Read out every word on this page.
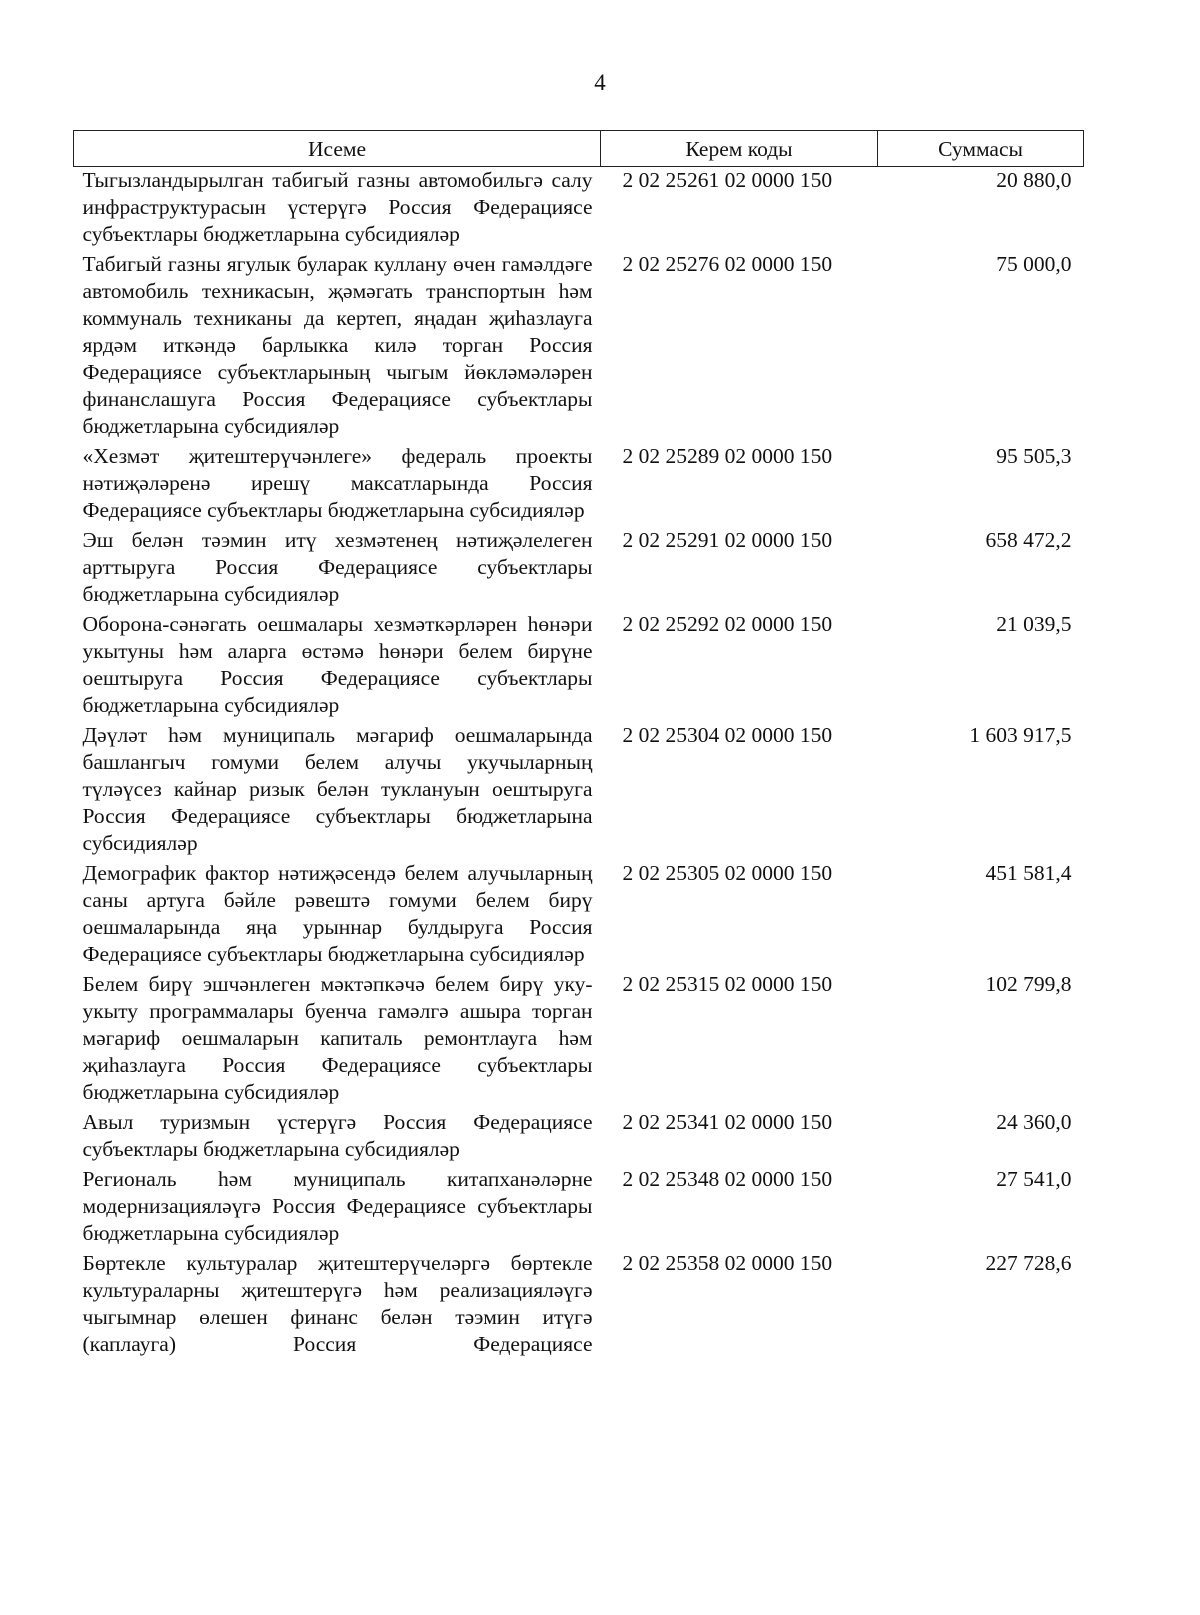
4
Исеме	Керем коды	Суммасы
Тыгызландырылган табигый газны автомобильгә салу инфраструктурасын үстерүгә Россия Федерациясе субъектлары бюджетларына субсидияләр	2 02 25261 02 0000 150	20 880,0
Табигый газны ягулык буларак куллану өчен гамәлдәге автомобиль техникасын, җәмәгать транспортын һәм коммуналь техниканы да кертеп, яңадан җиһазлауга ярдәм иткәндә барлыкка килә торган Россия Федерациясе субъектларының чыгым йөкләмәләрен финанслашуга Россия Федерациясе субъектлары бюджетларына субсидияләр	2 02 25276 02 0000 150	75 000,0
«Хезмәт җитештерүчәнлеге» федераль проекты нәтиҗәләренә ирешү максатларында Россия Федерациясе субъектлары бюджетларына субсидияләр	2 02 25289 02 0000 150	95 505,3
Эш белән тәэмин итү хезмәтенең нәтиҗәлелеген арттыруга Россия Федерациясе субъектлары бюджетларына субсидияләр	2 02 25291 02 0000 150	658 472,2
Оборона-сәнәгать оешмалары хезмәткәрләрен һөнәри укытуны һәм аларга өстәмә һөнәри белем бирүне оештыруга Россия Федерациясе субъектлары бюджетларына субсидияләр	2 02 25292 02 0000 150	21 039,5
Дәүләт һәм муниципаль мәгариф оешмаларында башлангыч гомуми белем алучы укучыларның түләүсез кайнар ризык белән туклануын оештыруга Россия Федерациясе субъектлары бюджетларына субсидияләр	2 02 25304 02 0000 150	1 603 917,5
Демографик фактор нәтиҗәсендә белем алучыларның саны артуга бәйле рәвештә гомуми белем бирү оешмаларында яңа урыннар булдыруга Россия Федерациясе субъектлары бюджетларына субсидияләр	2 02 25305 02 0000 150	451 581,4
Белем бирү эшчәнлеген мәктәпкәчә белем бирү уку-укыту программалары буенча гамәлгә ашыра торган мәгариф оешмаларын капиталь ремонтлауга һәм җиһазлауга Россия Федерациясе субъектлары бюджетларына субсидияләр	2 02 25315 02 0000 150	102 799,8
Авыл туризмын үстерүгә Россия Федерациясе субъектлары бюджетларына субсидияләр	2 02 25341 02 0000 150	24 360,0
Региональ һәм муниципаль китапханәләрне модернизацияләүгә Россия Федерациясе субъектлары бюджетларына субсидияләр	2 02 25348 02 0000 150	27 541,0
Бөртекле культуралар җитештерүчеләргә бөртекле культураларны җитештерүгә һәм реализацияләүгә чыгымнар өлешен финанс белән тәэмин итүгә (каплауга) Россия Федерациясе	2 02 25358 02 0000 150	227 728,6
